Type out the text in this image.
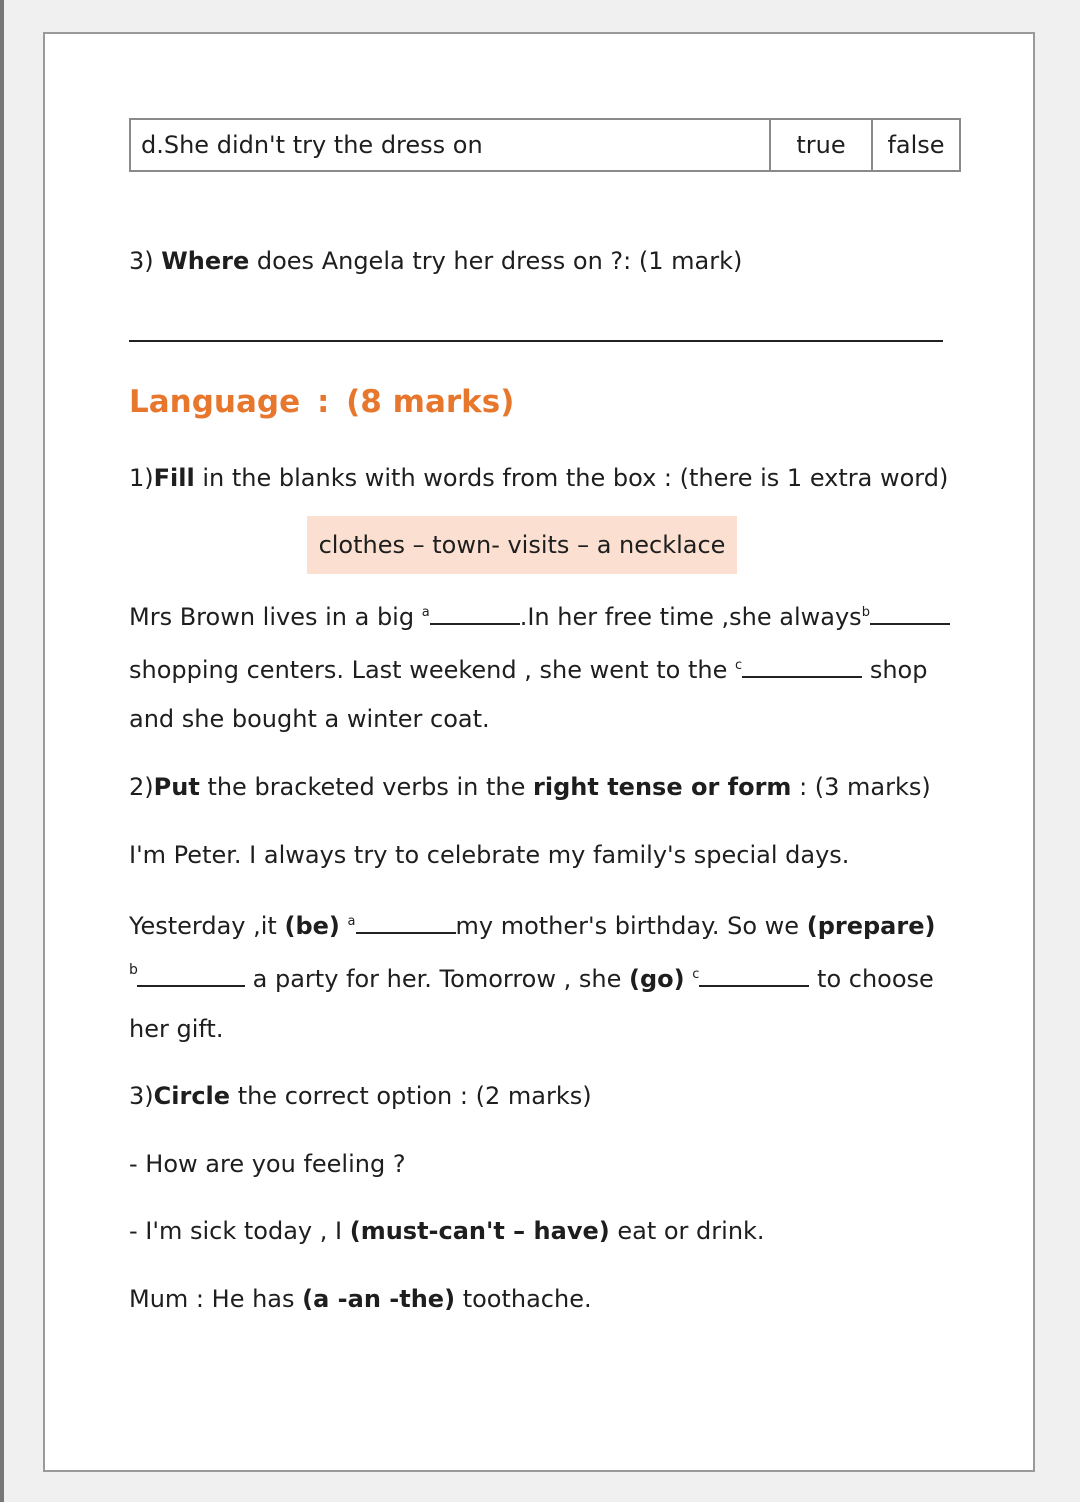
d.She didn't try the dress on	true	false
3) Where does Angela try her dress on ?: (1 mark)
Language : (8 marks)
1)Fill in the blanks with words from the box : (there is 1 extra word)
clothes – town- visits – a necklace
Mrs Brown lives in a big $^a$	.In her free time ,she always$^b$
shopping centers. Last weekend , she went to the $^c$	shop
and she bought a winter coat.
2)Put the bracketed verbs in the right tense or form : (3 marks)
I'm Peter. I always try to celebrate my family's special days.
Yesterday ,it (be) $^a$	my mother's birthday. So we (prepare)
b	a party for her. Tomorrow , she (go) $^c$	to choose
her gift.
3)Circle the correct option : (2 marks)
- How are you feeling ?
- I'm sick today , I (must-can't – have) eat or drink.
Mum : He has (a -an -the) toothache.
